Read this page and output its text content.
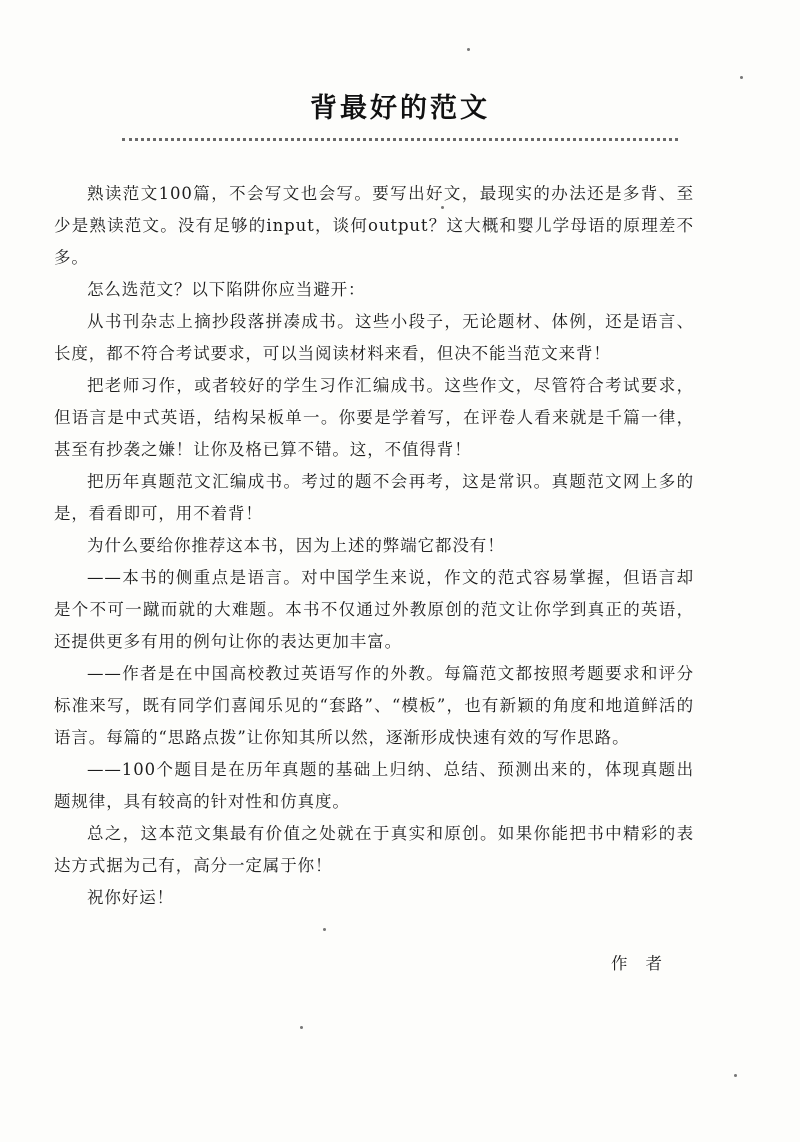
背最好的范文

熟读范文100篇，不会写文也会写。要写出好文，最现实的办法还是多背、至少是熟读范文。没有足够的input，谈何output？这大概和婴儿学母语的原理差不多。

怎么选范文？以下陷阱你应当避开：

从书刊杂志上摘抄段落拼凑成书。这些小段子，无论题材、体例，还是语言、长度，都不符合考试要求，可以当阅读材料来看，但决不能当范文来背！

把老师习作，或者较好的学生习作汇编成书。这些作文，尽管符合考试要求，但语言是中式英语，结构呆板单一。你要是学着写，在评卷人看来就是千篇一律，甚至有抄袭之嫌！让你及格已算不错。这，不值得背！

把历年真题范文汇编成书。考过的题不会再考，这是常识。真题范文网上多的是，看看即可，用不着背！

为什么要给你推荐这本书，因为上述的弊端它都没有！

——本书的侧重点是语言。对中国学生来说，作文的范式容易掌握，但语言却是个不可一蹴而就的大难题。本书不仅通过外教原创的范文让你学到真正的英语，还提供更多有用的例句让你的表达更加丰富。

——作者是在中国高校教过英语写作的外教。每篇范文都按照考题要求和评分标准来写，既有同学们喜闻乐见的“套路”、“模板”，也有新颖的角度和地道鲜活的语言。每篇的“思路点拨”让你知其所以然，逐渐形成快速有效的写作思路。

——100个题目是在历年真题的基础上归纳、总结、预测出来的，体现真题出题规律，具有较高的针对性和仿真度。

总之，这本范文集最有价值之处就在于真实和原创。如果你能把书中精彩的表达方式据为己有，高分一定属于你！

祝你好运！

作者
